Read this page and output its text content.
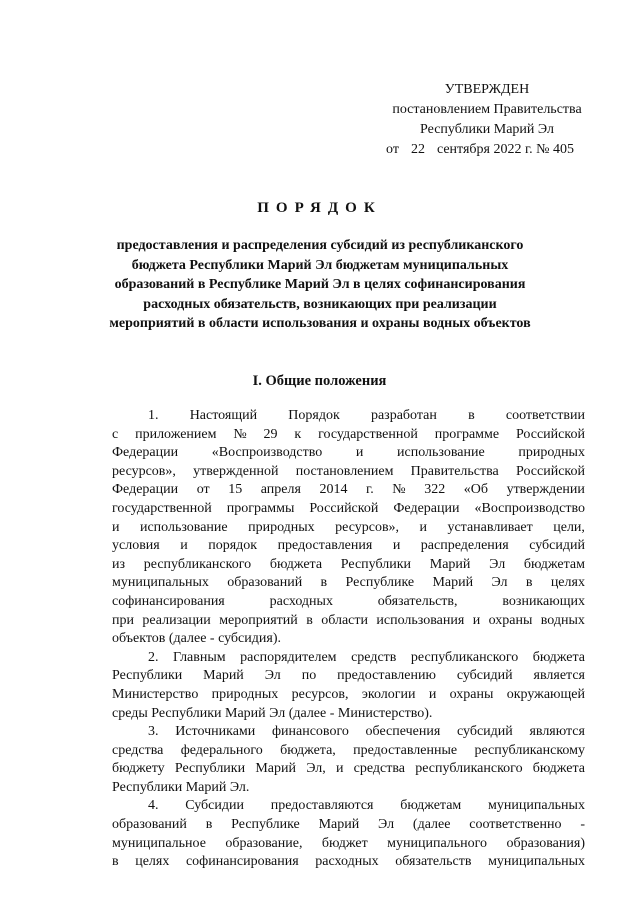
УТВЕРЖДЕН
постановлением Правительства
Республики Марий Эл
от 22 сентября 2022 г. № 405
ПОРЯДОК
предоставления и распределения субсидий из республиканского
бюджета Республики Марий Эл бюджетам муниципальных
образований в Республике Марий Эл в целях софинансирования
расходных обязательств, возникающих при реализации
мероприятий в области использования и охраны водных объектов
I. Общие положения
1. Настоящий Порядок разработан в соответствии
с приложением № 29 к государственной программе Российской
Федерации «Воспроизводство и использование природных
ресурсов», утвержденной постановлением Правительства Российской
Федерации от 15 апреля 2014 г. № 322 «Об утверждении
государственной программы Российской Федерации «Воспроизводство
и использование природных ресурсов», и устанавливает цели,
условия и порядок предоставления и распределения субсидий
из республиканского бюджета Республики Марий Эл бюджетам
муниципальных образований в Республике Марий Эл в целях
софинансирования	расходных	обязательств,	возникающих
при реализации мероприятий в области использования и охраны водных
объектов (далее - субсидия).
2. Главным распорядителем средств республиканского бюджета
Республики Марий Эл по предоставлению субсидий является
Министерство природных ресурсов, экологии и охраны окружающей
среды Республики Марий Эл (далее - Министерство).
3. Источниками финансового обеспечения субсидий являются
средства федерального бюджета, предоставленные республиканскому
бюджету Республики Марий Эл, и средства республиканского бюджета
Республики Марий Эл.
4. Субсидии предоставляются бюджетам муниципальных
образований в Республике Марий Эл (далее соответственно -
муниципальное образование, бюджет муниципального образования)
в целях софинансирования расходных обязательств муниципальных
